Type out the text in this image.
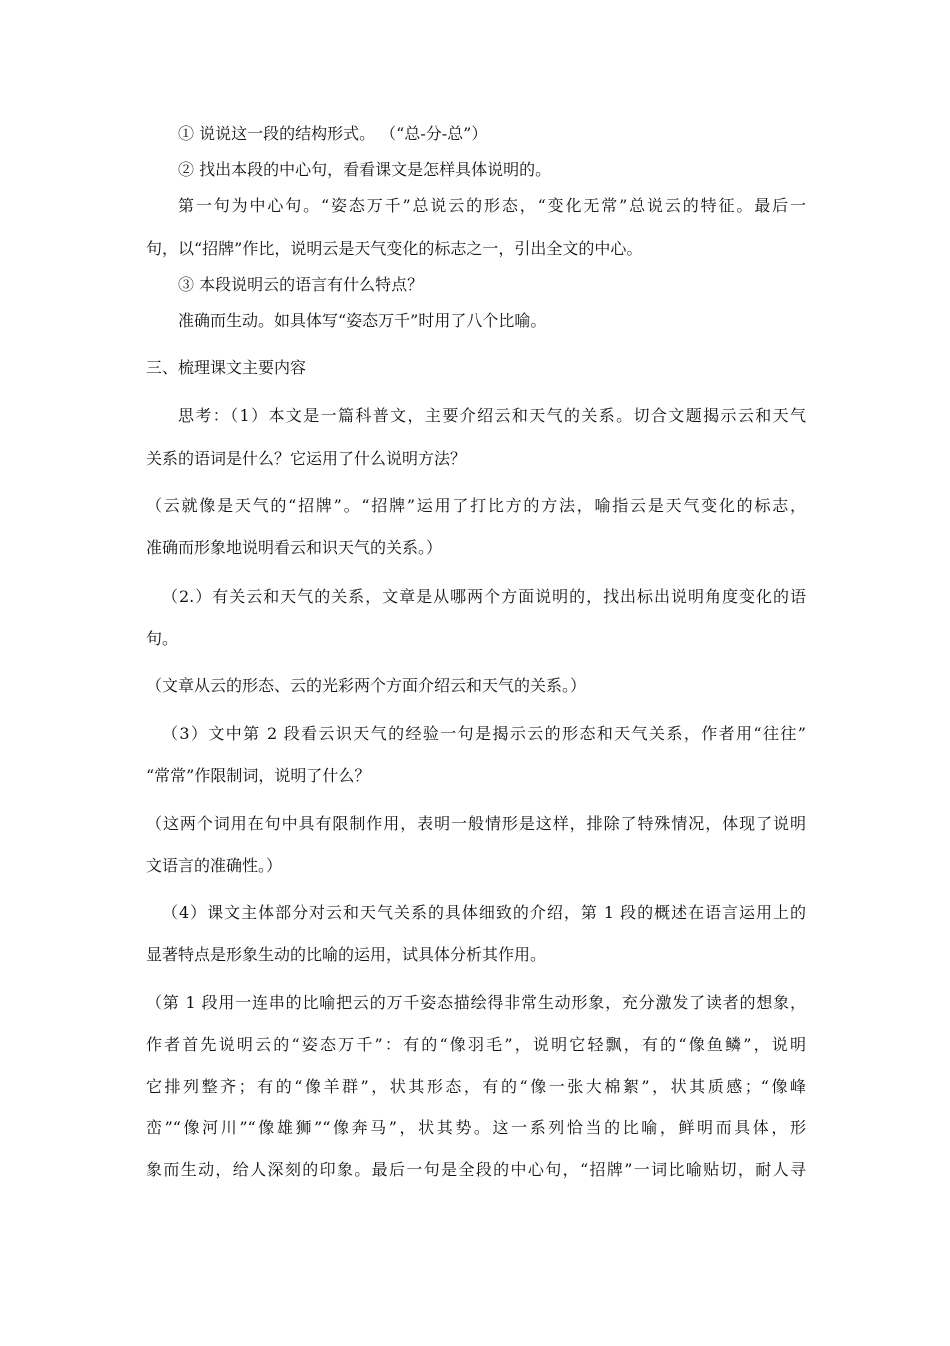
① 说说这一段的结构形式。 （“总-分-总”）
② 找出本段的中心句，看看课文是怎样具体说明的。
第一句为中心句。“姿态万千”总说云的形态，“变化无常”总说云的特征。最后一
句，以“招牌”作比，说明云是天气变化的标志之一，引出全文的中心。
③ 本段说明云的语言有什么特点？
准确而生动。如具体写“姿态万千”时用了八个比喻。
三、梳理课文主要内容
思考：（1）本文是一篇科普文，主要介绍云和天气的关系。切合文题揭示云和天气
关系的语词是什么？它运用了什么说明方法？
（云就像是天气的“招牌”。“招牌”运用了打比方的方法，喻指云是天气变化的标志，
准确而形象地说明看云和识天气的关系。）
（2.）有关云和天气的关系，文章是从哪两个方面说明的，找出标出说明角度变化的语
句。
（文章从云的形态、云的光彩两个方面介绍云和天气的关系。）
（3）文中第 2 段看云识天气的经验一句是揭示云的形态和天气关系，作者用“往往”
“常常”作限制词，说明了什么？
（这两个词用在句中具有限制作用，表明一般情形是这样，排除了特殊情况，体现了说明
文语言的准确性。）
（4）课文主体部分对云和天气关系的具体细致的介绍，第 1 段的概述在语言运用上的
显著特点是形象生动的比喻的运用，试具体分析其作用。
（第 1 段用一连串的比喻把云的万千姿态描绘得非常生动形象，充分激发了读者的想象，
作者首先说明云的“姿态万千”：有的“像羽毛”，说明它轻飘，有的“像鱼鳞”，说明
它排列整齐；有的“像羊群”，状其形态，有的“像一张大棉絮”，状其质感；“像峰
峦”“像河川”“像雄狮”“像奔马”，状其势。这一系列恰当的比喻，鲜明而具体，形
象而生动，给人深刻的印象。最后一句是全段的中心句，“招牌”一词比喻贴切，耐人寻
